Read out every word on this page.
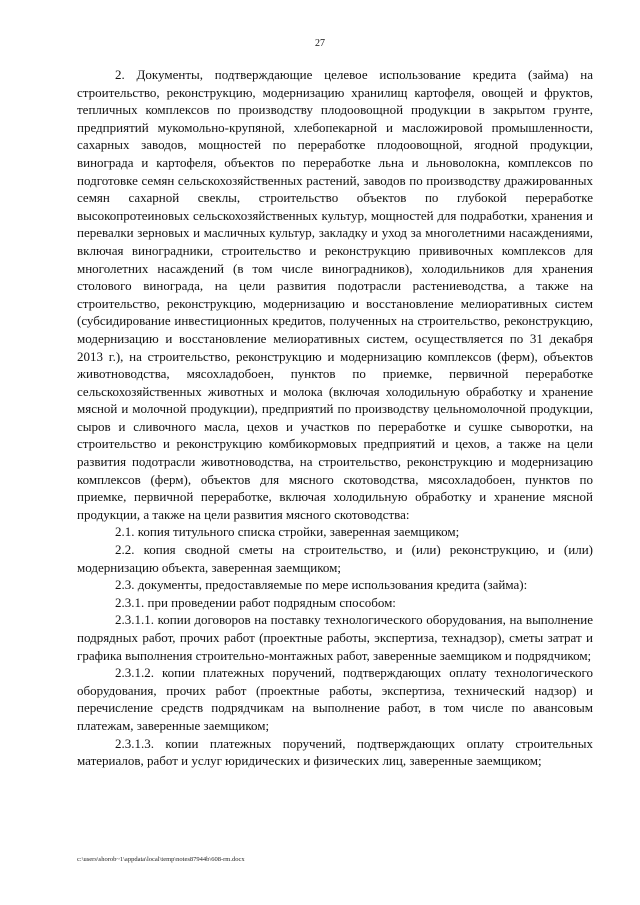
27

2. Документы, подтверждающие целевое использование кредита (займа) на строительство, реконструкцию, модернизацию хранилищ картофеля, овощей и фруктов, тепличных комплексов по производству плодоовощной продукции в закрытом грунте, предприятий мукомольно-крупяной, хлебопекарной и масложировой промышленности, сахарных заводов, мощностей по переработке плодоовощной, ягодной продукции, винограда и картофеля, объектов по переработке льна и льноволокна, комплексов по подготовке семян сельскохозяйственных растений, заводов по производству дражированных семян сахарной свеклы, строительство объектов по глубокой переработке высокопротеиновых сельскохозяйственных культур, мощностей для подработки, хранения и перевалки зерновых и масличных культур, закладку и уход за многолетними насаждениями, включая виноградники, строительство и реконструкцию прививочных комплексов для многолетних насаждений (в том числе виноградников), холодильников для хранения столового винограда, на цели развития подотрасли растениеводства, а также на строительство, реконструкцию, модернизацию и восстановление мелиоративных систем (субсидирование инвестиционных кредитов, полученных на строительство, реконструкцию, модернизацию и восстановление мелиоративных систем, осуществляется по 31 декабря 2013 г.), на строительство, реконструкцию и модернизацию комплексов (ферм), объектов животноводства, мясохладобоен, пунктов по приемке, первичной переработке сельскохозяйственных животных и молока (включая холодильную обработку и хранение мясной и молочной продукции), предприятий по производству цельномолочной продукции, сыров и сливочного масла, цехов и участков по переработке и сушке сыворотки, на строительство и реконструкцию комбикормовых предприятий и цехов, а также на цели развития подотрасли животноводства, на строительство, реконструкцию и модернизацию комплексов (ферм), объектов для мясного скотоводства, мясохладобоен, пунктов по приемке, первичной переработке, включая холодильную обработку и хранение мясной продукции, а также на цели развития мясного скотоводства:

2.1. копия титульного списка стройки, заверенная заемщиком;

2.2. копия сводной сметы на строительство, и (или) реконструкцию, и (или) модернизацию объекта, заверенная заемщиком;

2.3. документы, предоставляемые по мере использования кредита (займа):

2.3.1. при проведении работ подрядным способом:

2.3.1.1. копии договоров на поставку технологического оборудования, на выполнение подрядных работ, прочих работ (проектные работы, экспертиза, технадзор), сметы затрат и графика выполнения строительно-монтажных работ, заверенные заемщиком и подрядчиком;

2.3.1.2. копии платежных поручений, подтверждающих оплату технологического оборудования, прочих работ (проектные работы, экспертиза, технический надзор) и перечисление средств подрядчикам на выполнение работ, в том числе по авансовым платежам, заверенные заемщиком;

2.3.1.3. копии платежных поручений, подтверждающих оплату строительных материалов, работ и услуг юридических и физических лиц, заверенные заемщиком;

c:\users\shorob~1\appdata\local\temp\notes87944b\608-rm.docx
